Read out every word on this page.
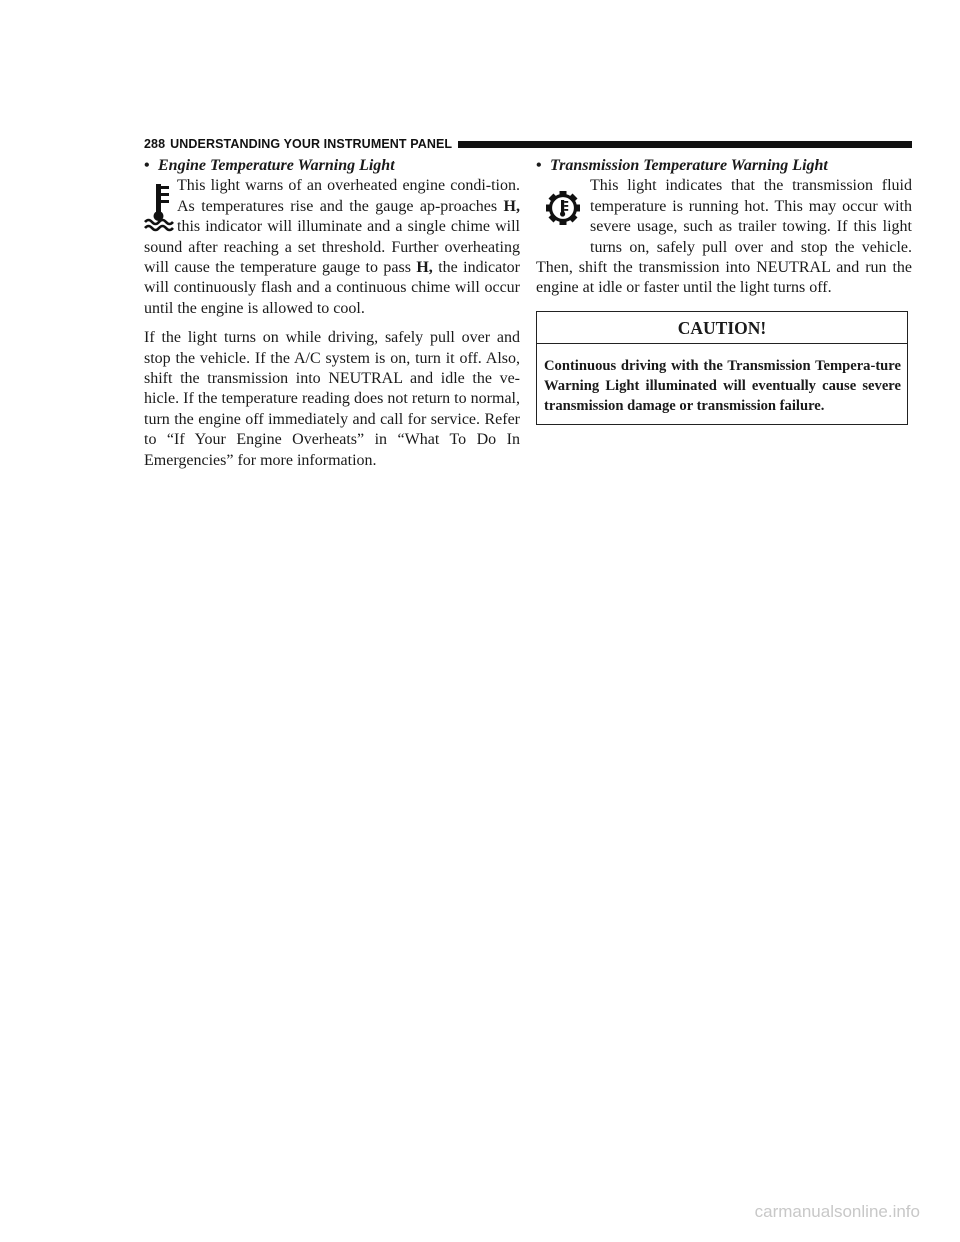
288 UNDERSTANDING YOUR INSTRUMENT PANEL

• Engine Temperature Warning Light

This light warns of an overheated engine condi-tion. As temperatures rise and the gauge ap-proaches H, this indicator will illuminate and a single chime will sound after reaching a set threshold. Further overheating will cause the temperature gauge to pass H, the indicator will continuously flash and a continuous chime will occur until the engine is allowed to cool.

If the light turns on while driving, safely pull over and stop the vehicle. If the A/C system is on, turn it off. Also, shift the transmission into NEUTRAL and idle the ve-hicle. If the temperature reading does not return to normal, turn the engine off immediately and call for service. Refer to “If Your Engine Overheats” in “What To Do In Emergencies” for more information.

• Transmission Temperature Warning Light

This light indicates that the transmission fluid temperature is running hot. This may occur with severe usage, such as trailer towing. If this light turns on, safely pull over and stop the vehicle. Then, shift the transmission into NEUTRAL and run the engine at idle or faster until the light turns off.

CAUTION!
Continuous driving with the Transmission Tempera-ture Warning Light illuminated will eventually cause severe transmission damage or transmission failure.
carmanualsonline.info
